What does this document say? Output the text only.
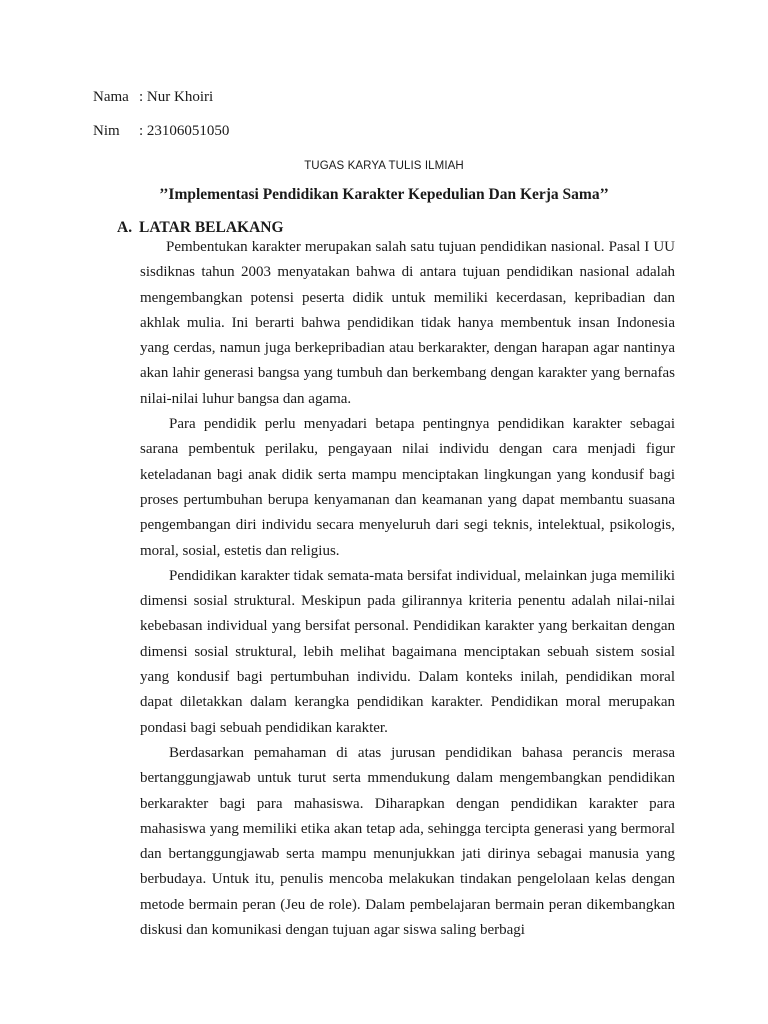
Nama : Nur Khoiri
Nim : 23106051050
TUGAS KARYA TULIS ILMIAH
’’Implementasi Pendidikan Karakter Kepedulian Dan Kerja Sama’’
A. LATAR BELAKANG

Pembentukan karakter merupakan salah satu tujuan pendidikan nasional. Pasal I UU sisdiknas tahun 2003 menyatakan bahwa di antara tujuan pendidikan nasional adalah mengembangkan potensi peserta didik untuk memiliki kecerdasan, kepribadian dan akhlak mulia. Ini berarti bahwa pendidikan tidak hanya membentuk insan Indonesia yang cerdas, namun juga berkepribadian atau berkarakter, dengan harapan agar nantinya akan lahir generasi bangsa yang tumbuh dan berkembang dengan karakter yang bernafas nilai-nilai luhur bangsa dan agama.

Para pendidik perlu menyadari betapa pentingnya pendidikan karakter sebagai sarana pembentuk perilaku, pengayaan nilai individu dengan cara menjadi figur keteladanan bagi anak didik serta mampu menciptakan lingkungan yang kondusif bagi proses pertumbuhan berupa kenyamanan dan keamanan yang dapat membantu suasana pengembangan diri individu secara menyeluruh dari segi teknis, intelektual, psikologis, moral, sosial, estetis dan religius.

Pendidikan karakter tidak semata-mata bersifat individual, melainkan juga memiliki dimensi sosial struktural. Meskipun pada gilirannya kriteria penentu adalah nilai-nilai kebebasan individual yang bersifat personal. Pendidikan karakter yang berkaitan dengan dimensi sosial struktural, lebih melihat bagaimana menciptakan sebuah sistem sosial yang kondusif bagi pertumbuhan individu. Dalam konteks inilah, pendidikan moral dapat diletakkan dalam kerangka pendidikan karakter. Pendidikan moral merupakan pondasi bagi sebuah pendidikan karakter.

Berdasarkan pemahaman di atas jurusan pendidikan bahasa perancis merasa bertanggungjawab untuk turut serta mmendukung dalam mengembangkan pendidikan berkarakter bagi para mahasiswa. Diharapkan dengan pendidikan karakter para mahasiswa yang memiliki etika akan tetap ada, sehingga tercipta generasi yang bermoral dan bertanggungjawab serta mampu menunjukkan jati dirinya sebagai manusia yang berbudaya. Untuk itu, penulis mencoba melakukan tindakan pengelolaan kelas dengan metode bermain peran (Jeu de role). Dalam pembelajaran bermain peran dikembangkan diskusi dan komunikasi dengan tujuan agar siswa saling berbagi
